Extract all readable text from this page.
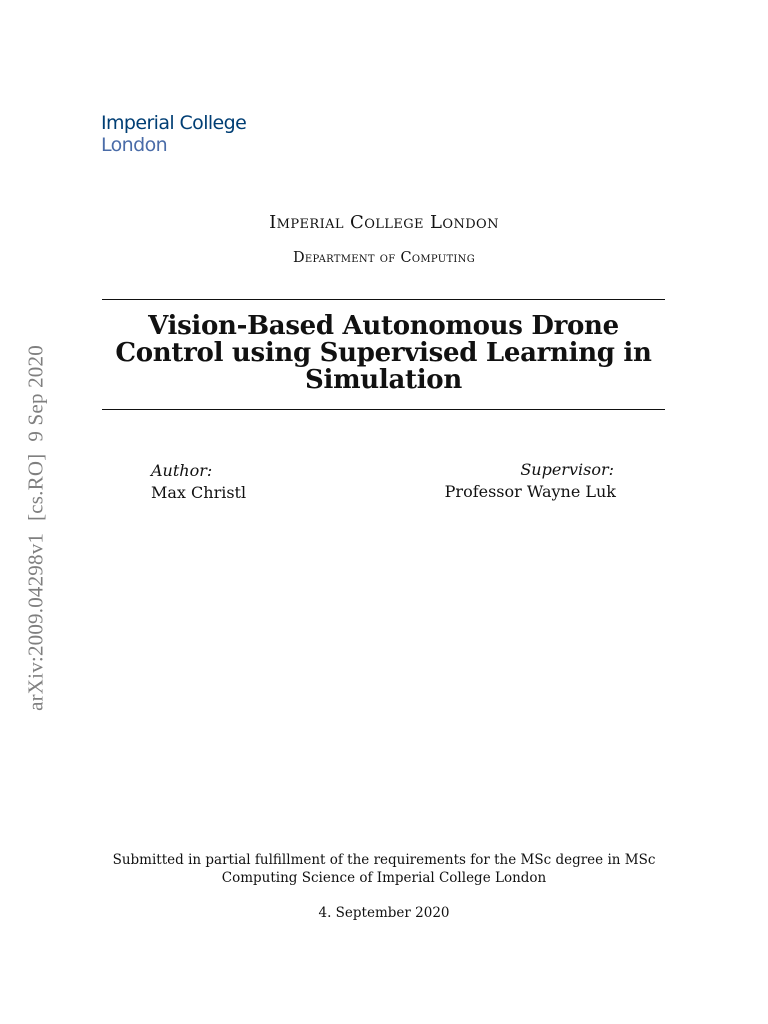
Imperial College
London
Imperial College London
Department of Computing
Vision-Based Autonomous Drone Control using Supervised Learning in Simulation
Author:
Max Christl
Supervisor:
Professor Wayne Luk
arXiv:2009.04298v1[cs.RO]9 Sep 2020
Submitted in partial fulfillment of the requirements for the MSc degree in MSc Computing Science of Imperial College London
4. September 2020
